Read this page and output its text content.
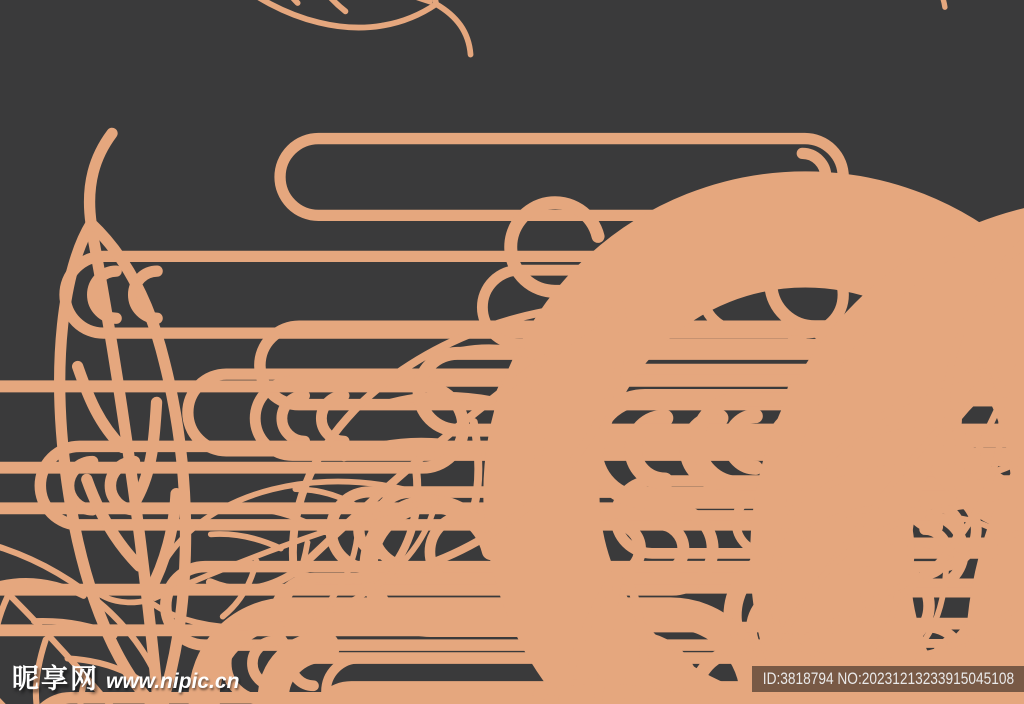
昵享网 www.nipic.cn	ID:3818794 NO:20231213233915045108
